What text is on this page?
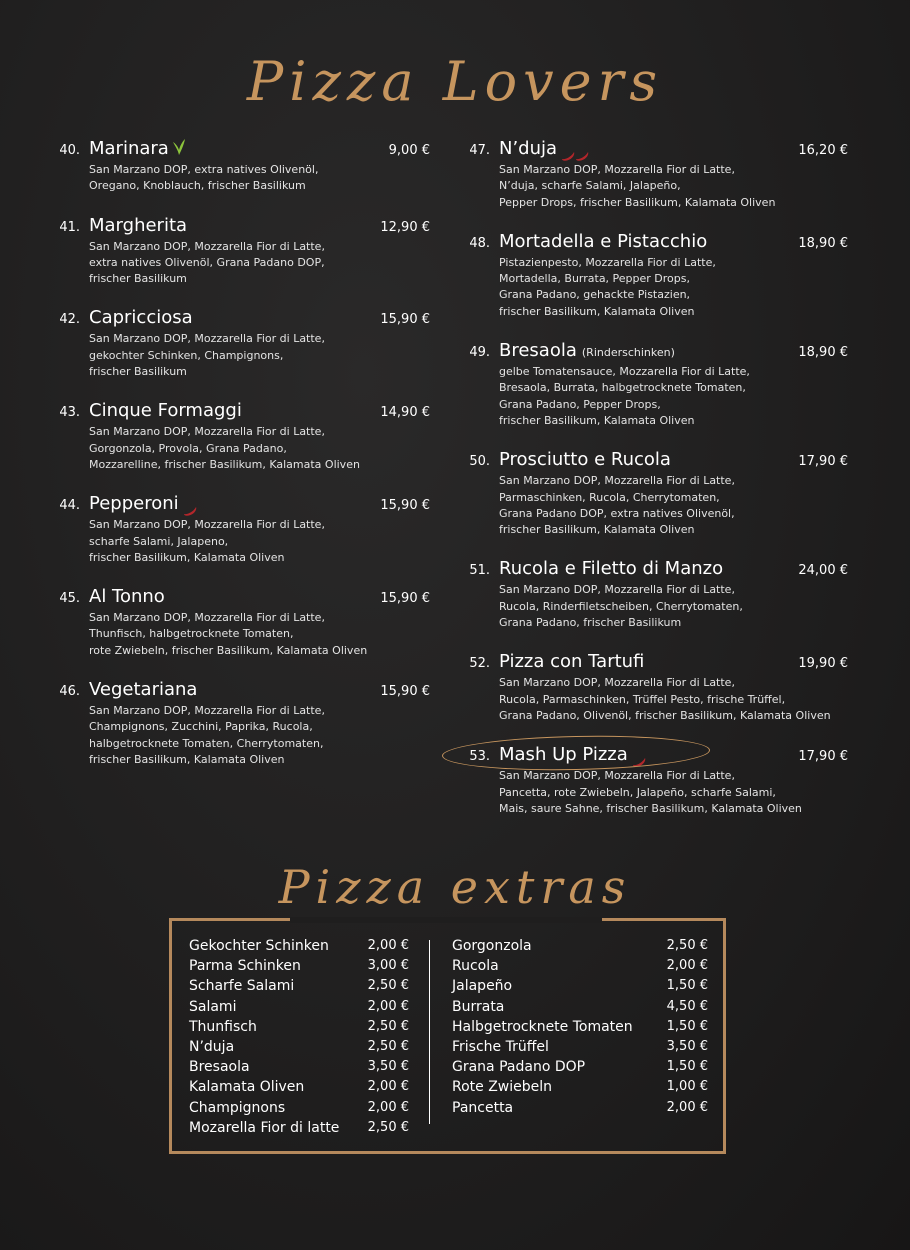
Pizza Lovers
40. Marinara	9,00 €
San Marzano DOP, extra natives Olivenöl,
Oregano, Knoblauch, frischer Basilikum
41. Margherita	12,90 €
San Marzano DOP, Mozzarella Fior di Latte,
extra natives Olivenöl, Grana Padano DOP,
frischer Basilikum
42. Capricciosa	15,90 €
San Marzano DOP, Mozzarella Fior di Latte,
gekochter Schinken, Champignons,
frischer Basilikum
43. Cinque Formaggi	14,90 €
San Marzano DOP, Mozzarella Fior di Latte,
Gorgonzola, Provola, Grana Padano,
Mozzarelline, frischer Basilikum, Kalamata Oliven
44. Pepperoni	15,90 €
San Marzano DOP, Mozzarella Fior di Latte,
scharfe Salami, Jalapeno,
frischer Basilikum, Kalamata Oliven
45. Al Tonno	15,90 €
San Marzano DOP, Mozzarella Fior di Latte,
Thunfisch, halbgetrocknete Tomaten,
rote Zwiebeln, frischer Basilikum, Kalamata Oliven
46. Vegetariana	15,90 €
San Marzano DOP, Mozzarella Fior di Latte,
Champignons, Zucchini, Paprika, Rucola,
halbgetrocknete Tomaten, Cherrytomaten,
frischer Basilikum, Kalamata Oliven
47. N’duja	16,20 €
San Marzano DOP, Mozzarella Fior di Latte,
N’duja, scharfe Salami, Jalapeño,
Pepper Drops, frischer Basilikum, Kalamata Oliven
48. Mortadella e Pistacchio	18,90 €
Pistazienpesto, Mozzarella Fior di Latte,
Mortadella, Burrata, Pepper Drops,
Grana Padano, gehackte Pistazien,
frischer Basilikum, Kalamata Oliven
49. Bresaola (Rinderschinken)	18,90 €
gelbe Tomatensauce, Mozzarella Fior di Latte,
Bresaola, Burrata, halbgetrocknete Tomaten,
Grana Padano, Pepper Drops,
frischer Basilikum, Kalamata Oliven
50. Prosciutto e Rucola	17,90 €
San Marzano DOP, Mozzarella Fior di Latte,
Parmaschinken, Rucola, Cherrytomaten,
Grana Padano DOP, extra natives Olivenöl,
frischer Basilikum, Kalamata Oliven
51. Rucola e Filetto di Manzo	24,00 €
San Marzano DOP, Mozzarella Fior di Latte,
Rucola, Rinderfiletscheiben, Cherrytomaten,
Grana Padano, frischer Basilikum
52. Pizza con Tartufi	19,90 €
San Marzano DOP, Mozzarella Fior di Latte,
Rucola, Parmaschinken, Trüffel Pesto, frische Trüffel,
Grana Padano, Olivenöl, frischer Basilikum, Kalamata Oliven
53. Mash Up Pizza	17,90 €
San Marzano DOP, Mozzarella Fior di Latte,
Pancetta, rote Zwiebeln, Jalapeño, scharfe Salami,
Mais, saure Sahne, frischer Basilikum, Kalamata Oliven
Pizza extras
Gekochter Schinken	2,00 €
Parma Schinken	3,00 €
Scharfe Salami	2,50 €
Salami	2,00 €
Thunfisch	2,50 €
N’duja	2,50 €
Bresaola	3,50 €
Kalamata Oliven	2,00 €
Champignons	2,00 €
Mozarella Fior di latte 2,50 €
Gorgonzola	2,50 €
Rucola	2,00 €
Jalapeño	1,50 €
Burrata	4,50 €
Halbgetrocknete Tomaten	1,50 €
Frische Trüffel	3,50 €
Grana Padano DOP	1,50 €
Rote Zwiebeln	1,00 €
Pancetta	2,00 €
